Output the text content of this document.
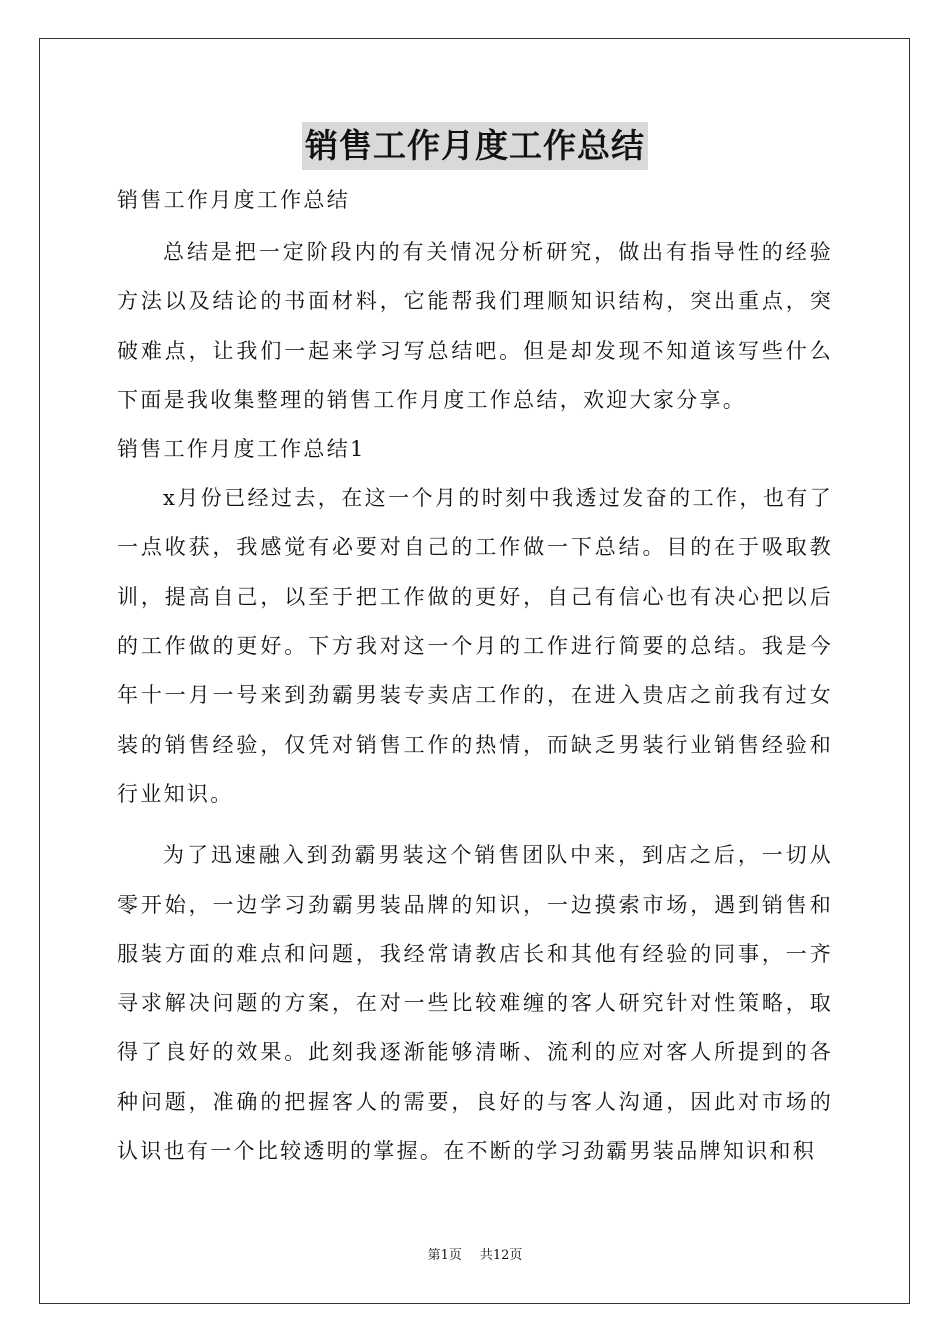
销售工作月度工作总结

销售工作月度工作总结

总结是把一定阶段内的有关情况分析研究，做出有指导性的经验方法以及结论的书面材料，它能帮我们理顺知识结构，突出重点，突破难点，让我们一起来学习写总结吧。但是却发现不知道该写些什么下面是我收集整理的销售工作月度工作总结，欢迎大家分享。

销售工作月度工作总结1

x月份已经过去，在这一个月的时刻中我透过发奋的工作，也有了一点收获，我感觉有必要对自己的工作做一下总结。目的在于吸取教训，提高自己，以至于把工作做的更好，自己有信心也有决心把以后的工作做的更好。下方我对这一个月的工作进行简要的总结。我是今年十一月一号来到劲霸男装专卖店工作的，在进入贵店之前我有过女装的销售经验，仅凭对销售工作的热情，而缺乏男装行业销售经验和行业知识。

为了迅速融入到劲霸男装这个销售团队中来，到店之后，一切从零开始，一边学习劲霸男装品牌的知识，一边摸索市场，遇到销售和服装方面的难点和问题，我经常请教店长和其他有经验的同事，一齐寻求解决问题的方案，在对一些比较难缠的客人研究针对性策略，取得了良好的效果。此刻我逐渐能够清晰、流利的应对客人所提到的各种问题，准确的把握客人的需要，良好的与客人沟通，因此对市场的认识也有一个比较透明的掌握。在不断的学习劲霸男装品牌知识和积

第1页 共12页
